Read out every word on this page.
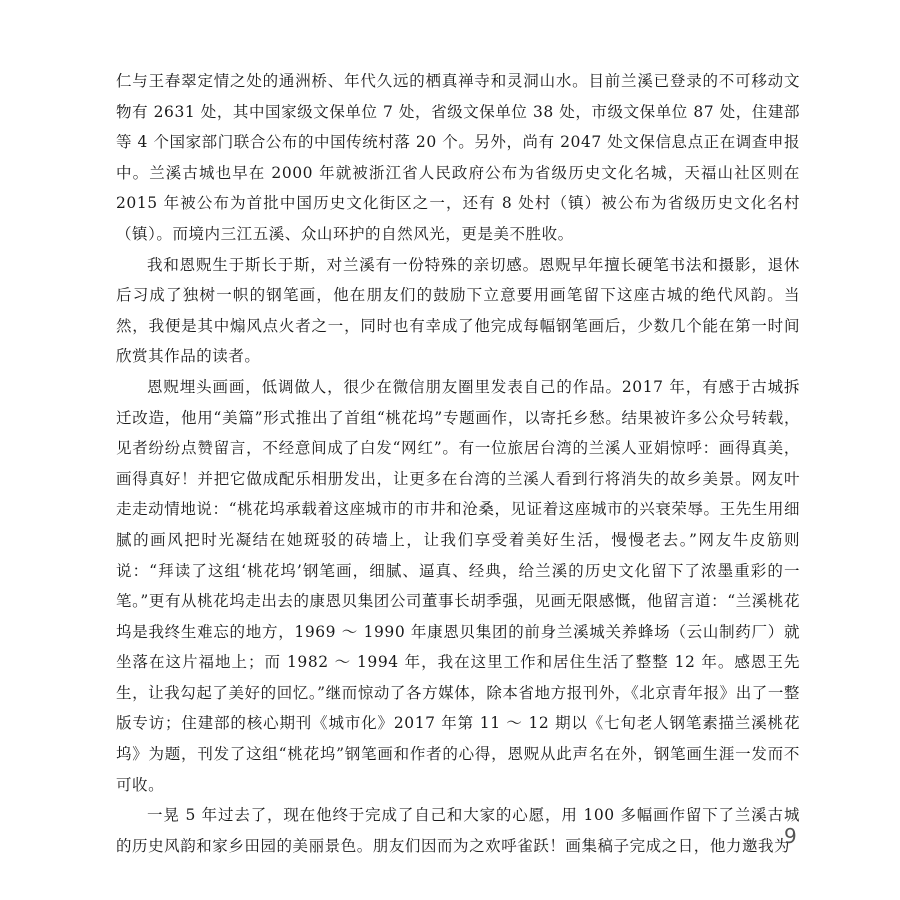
仁与王春翠定情之处的通洲桥、年代久远的栖真禅寺和灵洞山水。目前兰溪已登录的不可移动文物有 2631 处，其中国家级文保单位 7 处，省级文保单位 38 处，市级文保单位 87 处，住建部等 4 个国家部门联合公布的中国传统村落 20 个。另外，尚有 2047 处文保信息点正在调查申报中。兰溪古城也早在 2000 年就被浙江省人民政府公布为省级历史文化名城，天福山社区则在 2015 年被公布为首批中国历史文化街区之一，还有 8 处村（镇）被公布为省级历史文化名村（镇）。而境内三江五溪、众山环护的自然风光，更是美不胜收。

我和恩贶生于斯长于斯，对兰溪有一份特殊的亲切感。恩贶早年擅长硬笔书法和摄影，退休后习成了独树一帜的钢笔画，他在朋友们的鼓励下立意要用画笔留下这座古城的绝代风韵。当然，我便是其中煽风点火者之一，同时也有幸成了他完成每幅钢笔画后，少数几个能在第一时间欣赏其作品的读者。

恩贶埋头画画，低调做人，很少在微信朋友圈里发表自己的作品。2017 年，有感于古城拆迁改造，他用“美篇”形式推出了首组“桃花坞”专题画作，以寄托乡愁。结果被许多公众号转载，见者纷纷点赞留言，不经意间成了白发“网红”。有一位旅居台湾的兰溪人亚娟惊呼：画得真美，画得真好！并把它做成配乐相册发出，让更多在台湾的兰溪人看到行将消失的故乡美景。网友叶走走动情地说：“桃花坞承载着这座城市的市井和沧桑，见证着这座城市的兴衰荣辱。王先生用细腻的画风把时光凝结在她斑驳的砖墙上，让我们享受着美好生活，慢慢老去。”网友牛皮筋则说：“拜读了这组‘桃花坞’钢笔画，细腻、逼真、经典，给兰溪的历史文化留下了浓墨重彩的一笔。”更有从桃花坞走出去的康恩贝集团公司董事长胡季强，见画无限感慨，他留言道：“兰溪桃花坞是我终生难忘的地方，1969 ～ 1990 年康恩贝集团的前身兰溪城关养蜂场（云山制药厂）就坐落在这片福地上；而 1982 ～ 1994 年，我在这里工作和居住生活了整整 12 年。感恩王先生，让我勾起了美好的回忆。”继而惊动了各方媒体，除本省地方报刊外，《北京青年报》出了一整版专访；住建部的核心期刊《城市化》2017 年第 11 ～ 12 期以《七旬老人钢笔素描兰溪桃花坞》为题，刊发了这组“桃花坞”钢笔画和作者的心得，恩贶从此声名在外，钢笔画生涯一发而不可收。

一晃 5 年过去了，现在他终于完成了自己和大家的心愿，用 100 多幅画作留下了兰溪古城的历史风韵和家乡田园的美丽景色。朋友们因而为之欢呼雀跃！画集稿子完成之日，他力邀我为

9
